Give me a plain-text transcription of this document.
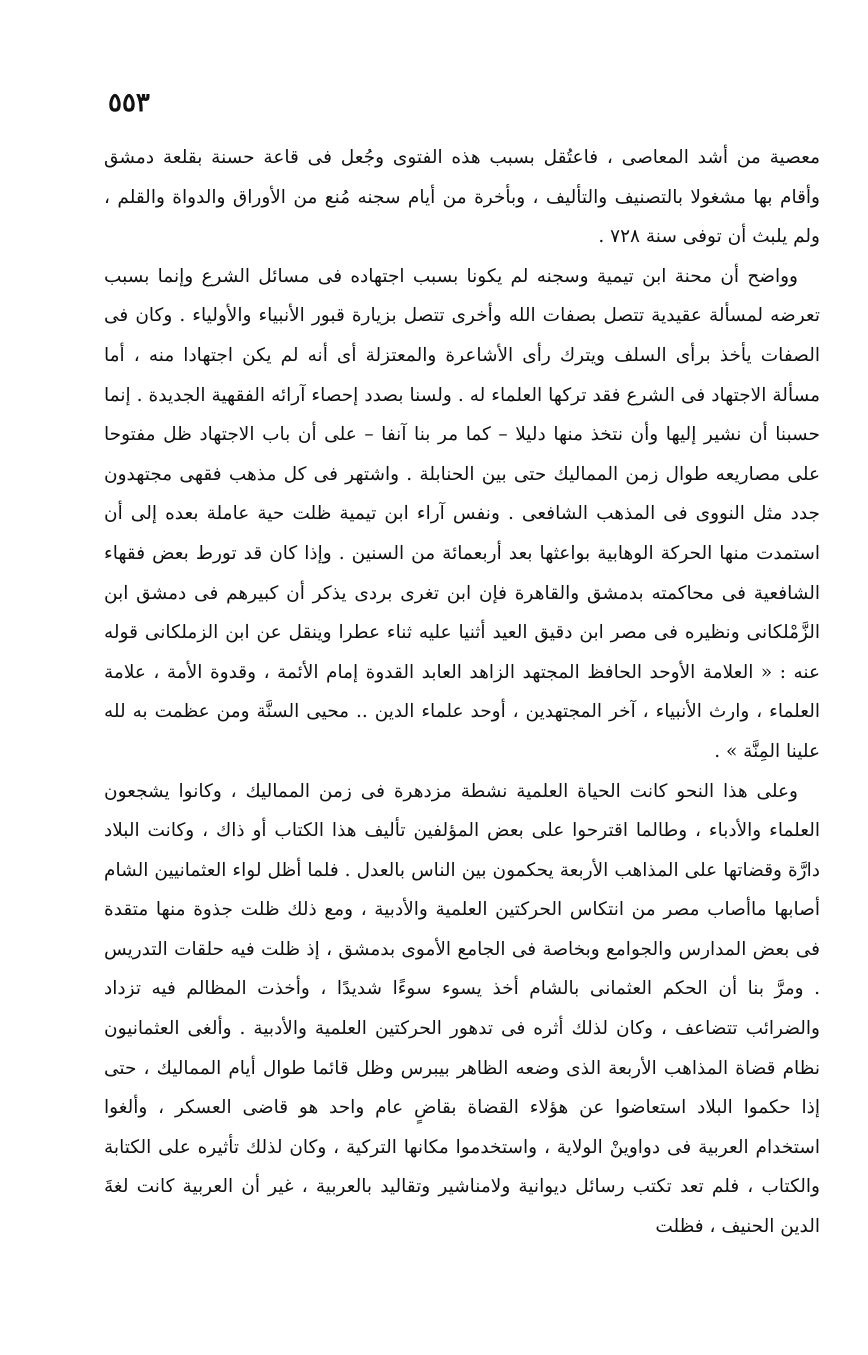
٥٥٣

معصية من أشد المعاصى ، فاعتُقل بسبب هذه الفتوى وجُعل فى قاعة حسنة بقلعة دمشق وأقام بها مشغولا بالتصنيف والتأليف ، وبأخرة من أيام سجنه مُنع من الأوراق والدواة والقلم ، ولم يلبث أن توفى سنة ٧٢٨ .

وواضح أن محنة ابن تيمية وسجنه لم يكونا بسبب اجتهاده فى مسائل الشرع وإنما بسبب تعرضه لمسألة عقيدية تتصل بصفات الله وأخرى تتصل بزيارة قبور الأنبياء والأولياء . وكان فى الصفات يأخذ برأى السلف ويترك رأى الأشاعرة والمعتزلة أى أنه لم يكن اجتهادا منه ، أما مسألة الاجتهاد فى الشرع فقد تركها العلماء له . ولسنا بصدد إحصاء آرائه الفقهية الجديدة . إنما حسبنا أن نشير إليها وأن نتخذ منها دليلا – كما مر بنا آنفا – على أن باب الاجتهاد ظل مفتوحا على مصاريعه طوال زمن المماليك حتى بين الحنابلة . واشتهر فى كل مذهب فقهى مجتهدون جدد مثل النووى فى المذهب الشافعى . ونفس آراء ابن تيمية ظلت حية عاملة بعده إلى أن استمدت منها الحركة الوهابية بواعثها بعد أربعمائة من السنين . وإذا كان قد تورط بعض فقهاء الشافعية فى محاكمته بدمشق والقاهرة فإن ابن تغرى بردى يذكر أن كبيرهم فى دمشق ابن الزَّمْلكانى ونظيره فى مصر ابن دقيق العيد أثنيا عليه ثناء عطرا وينقل عن ابن الزملكانى قوله عنه : « العلامة الأوحد الحافظ المجتهد الزاهد العابد القدوة إمام الأئمة ، وقدوة الأمة ، علامة العلماء ، وارث الأنبياء ، آخر المجتهدين ، أوحد علماء الدين .. محيى السنَّة ومن عظمت به لله علينا المِنَّة » .

وعلى هذا النحو كانت الحياة العلمية نشطة مزدهرة فى زمن المماليك ، وكانوا يشجعون العلماء والأدباء ، وطالما اقترحوا على بعض المؤلفين تأليف هذا الكتاب أو ذاك ، وكانت البلاد دارَّة وقضاتها على المذاهب الأربعة يحكمون بين الناس بالعدل . فلما أظل لواء العثمانيين الشام أصابها ماأصاب مصر من انتكاس الحركتين العلمية والأدبية ، ومع ذلك ظلت جذوة منها متقدة فى بعض المدارس والجوامع وبخاصة فى الجامع الأموى بدمشق ، إذ ظلت فيه حلقات التدريس . ومرَّ بنا أن الحكم العثمانى بالشام أخذ يسوء سوءًا شديدًا ، وأخذت المظالم فيه تزداد والضرائب تتضاعف ، وكان لذلك أثره فى تدهور الحركتين العلمية والأدبية . وألغى العثمانيون نظام قضاة المذاهب الأربعة الذى وضعه الظاهر بيبرس وظل قائما طوال أيام المماليك ، حتى إذا حكموا البلاد استعاضوا عن هؤلاء القضاة بقاضٍ عام واحد هو قاضى العسكر ، وألغوا استخدام العربية فى دواوينْ الولاية ، واستخدموا مكانها التركية ، وكان لذلك تأثيره على الكتابة والكتاب ، فلم تعد تكتب رسائل ديوانية ولامناشير وتقاليد بالعربية ، غير أن العربية كانت لغةَ الدين الحنيف ، فظلت
